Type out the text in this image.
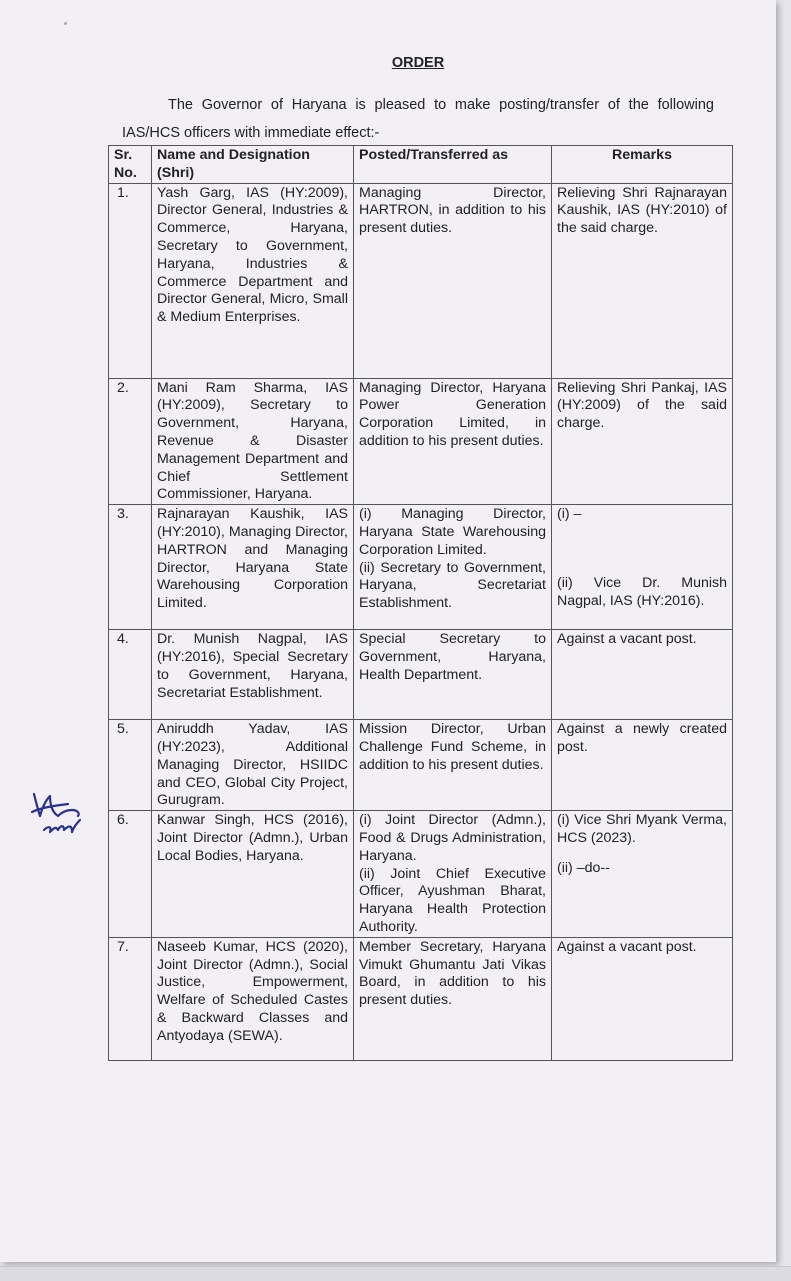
ORDER
The Governor of Haryana is pleased to make posting/transfer of the following IAS/HCS officers with immediate effect:-
Sr. No.	Name and Designation (Shri)	Posted/Transferred as	Remarks
1.	Yash Garg, IAS (HY:2009), Director General, Industries & Commerce, Haryana, Secretary to Government, Haryana, Industries & Commerce Department and Director General, Micro, Small & Medium Enterprises.	Managing Director, HARTRON, in addition to his present duties.	Relieving Shri Rajnarayan Kaushik, IAS (HY:2010) of the said charge.

2.	Mani Ram Sharma, IAS (HY:2009), Secretary to Government, Haryana, Revenue & Disaster Management Department and Chief Settlement Commissioner, Haryana.	Managing Director, Haryana Power Generation Corporation Limited, in addition to his present duties.	Relieving Shri Pankaj, IAS (HY:2009) of the said charge.

3.	Rajnarayan Kaushik, IAS (HY:2010), Managing Director, HARTRON and Managing Director, Haryana State Warehousing Corporation Limited.	(i) Managing Director, Haryana State Warehousing Corporation Limited.
(ii) Secretary to Government, Haryana, Secretariat Establishment.	(i) –
(ii) Vice Dr. Munish Nagpal, IAS (HY:2016).

4.	Dr. Munish Nagpal, IAS (HY:2016), Special Secretary to Government, Haryana, Secretariat Establishment.	Special Secretary to Government, Haryana, Health Department.	Against a vacant post.

5.	Aniruddh Yadav, IAS (HY:2023), Additional Managing Director, HSIIDC and CEO, Global City Project, Gurugram.	Mission Director, Urban Challenge Fund Scheme, in addition to his present duties.	Against a newly created post.

6.	Kanwar Singh, HCS (2016), Joint Director (Admn.), Urban Local Bodies, Haryana.	(i) Joint Director (Admn.), Food & Drugs Administration, Haryana.
(ii) Joint Chief Executive Officer, Ayushman Bharat, Haryana Health Protection Authority.	(i) Vice Shri Myank Verma, HCS (2023).
(ii) –do--

7.	Naseeb Kumar, HCS (2020), Joint Director (Admn.), Social Justice, Empowerment, Welfare of Scheduled Castes & Backward Classes and Antyodaya (SEWA).	Member Secretary, Haryana Vimukt Ghumantu Jati Vikas Board, in addition to his present duties.	Against a vacant post.
